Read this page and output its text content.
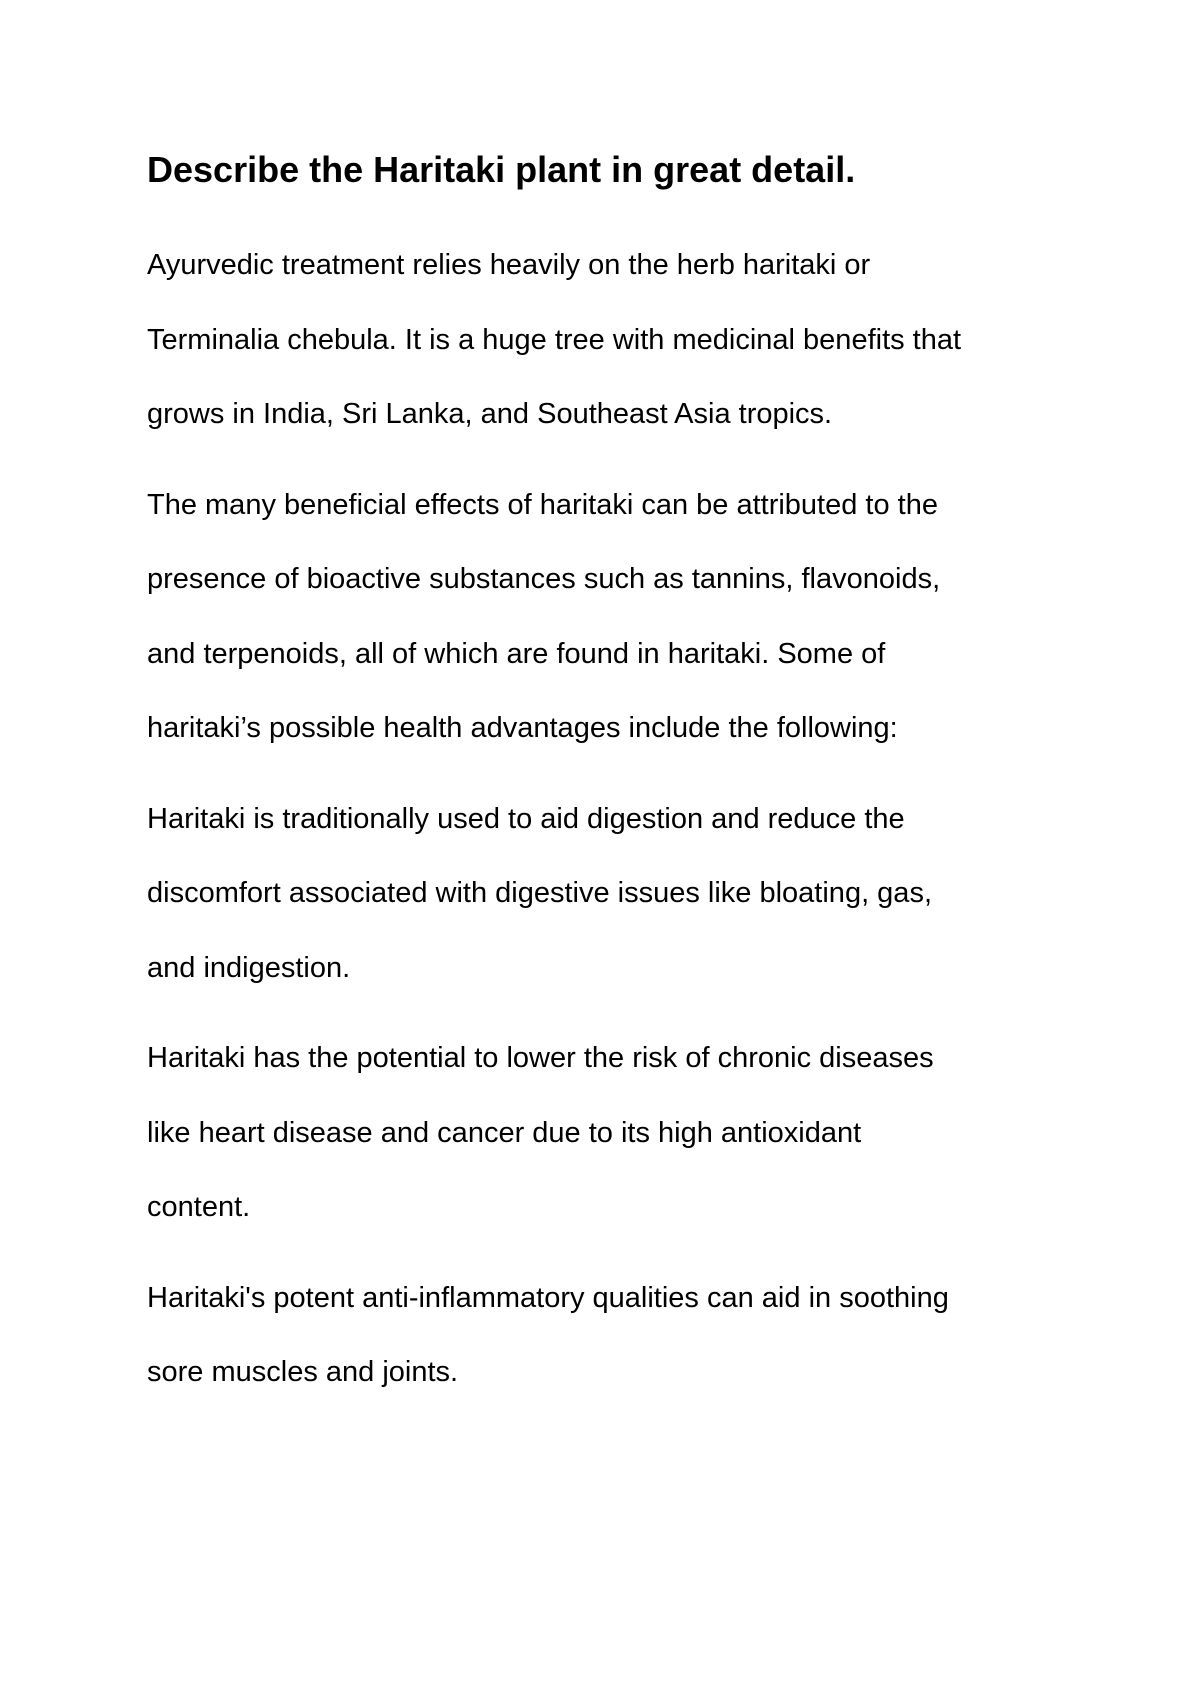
Describe the Haritaki plant in great detail.

Ayurvedic treatment relies heavily on the herb haritaki or
Terminalia chebula. It is a huge tree with medicinal benefits that
grows in India, Sri Lanka, and Southeast Asia tropics.

The many beneficial effects of haritaki can be attributed to the
presence of bioactive substances such as tannins, flavonoids,
and terpenoids, all of which are found in haritaki. Some of
haritaki’s possible health advantages include the following:

Haritaki is traditionally used to aid digestion and reduce the
discomfort associated with digestive issues like bloating, gas,
and indigestion.

Haritaki has the potential to lower the risk of chronic diseases
like heart disease and cancer due to its high antioxidant
content.

Haritaki's potent anti-inflammatory qualities can aid in soothing
sore muscles and joints.
